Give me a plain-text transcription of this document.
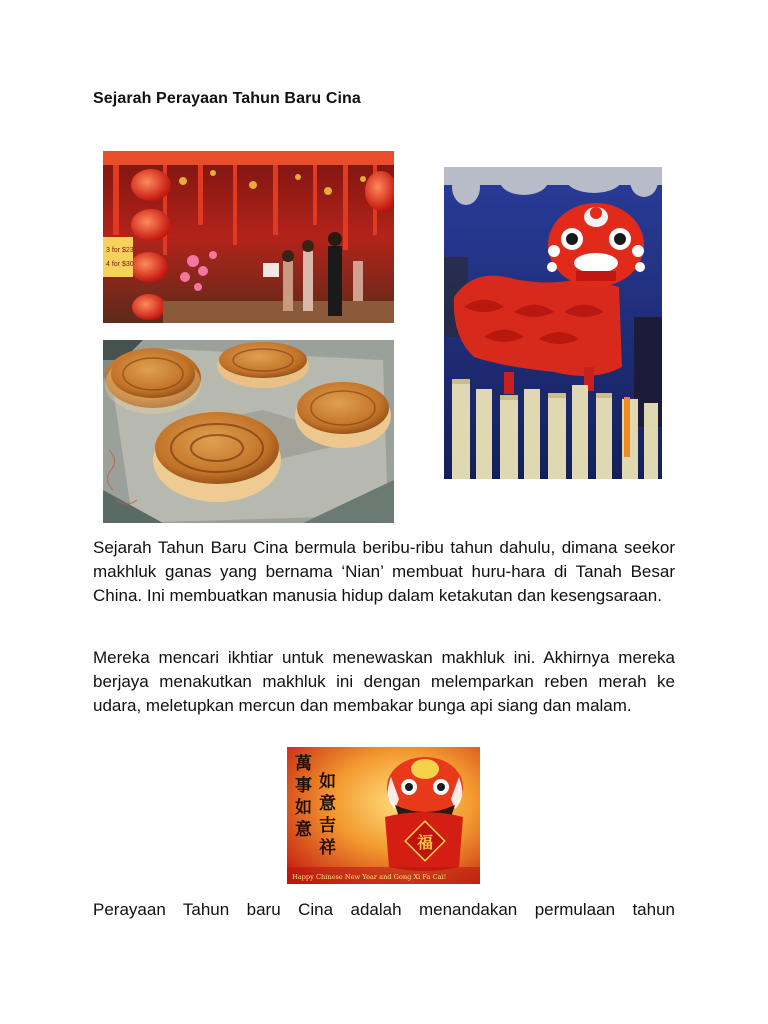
Sejarah Perayaan Tahun Baru Cina
3 for $23
4 for $30

Sejarah Tahun Baru Cina bermula beribu-ribu tahun dahulu, dimana seekor makhluk ganas yang bernama ‘Nian’ membuat huru-hara di Tanah Besar China. Ini membuatkan manusia hidup dalam ketakutan dan kesengsaraan.

Mereka mencari ikhtiar untuk menewaskan makhluk ini. Akhirnya mereka berjaya menakutkan makhluk ini dengan melemparkan reben merah ke udara, meletupkan mercun dan membakar bunga api siang dan malam.

萬
事
如
意
如
意
吉
祥	福
Happy Chinese New Year and Gong Xi Fa Cai!

Perayaan Tahun baru Cina adalah menandakan permulaan tahun
